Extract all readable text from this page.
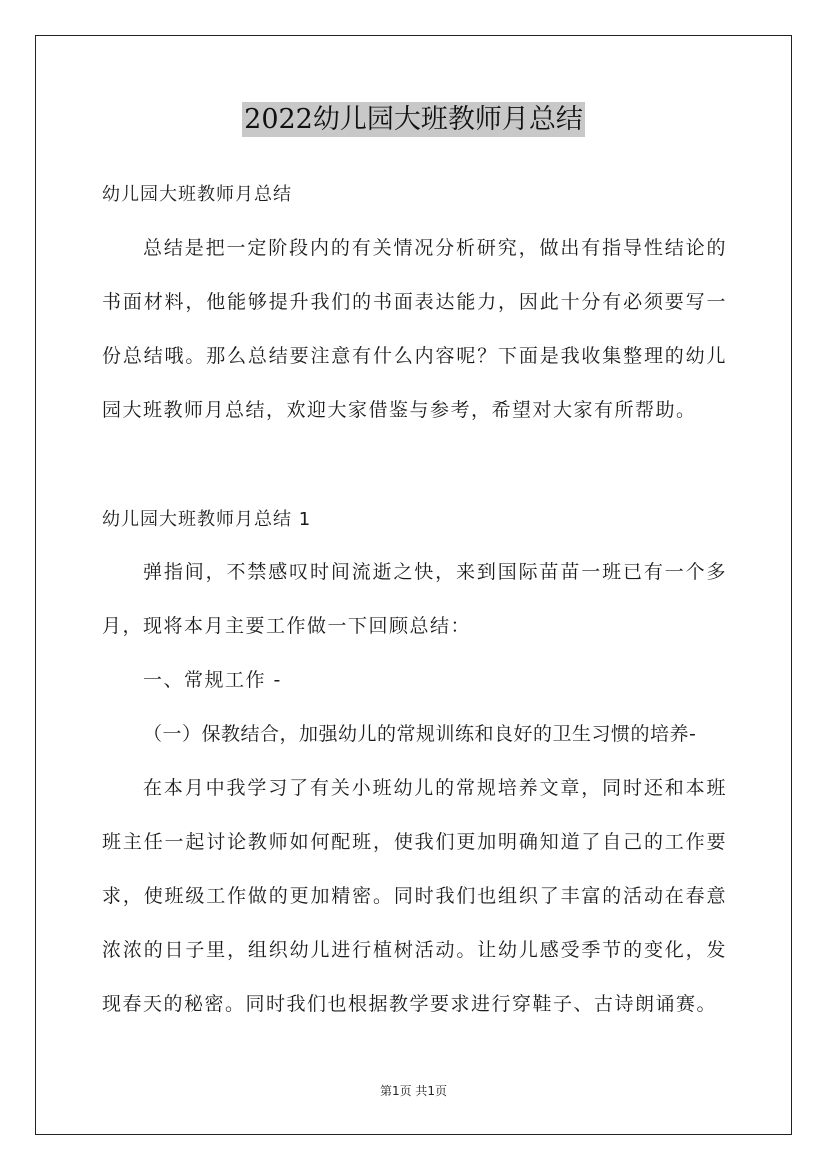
2022幼儿园大班教师月总结
幼儿园大班教师月总结
总结是把一定阶段内的有关情况分析研究，做出有指导性结论的
书面材料，他能够提升我们的书面表达能力，因此十分有必须要写一
份总结哦。那么总结要注意有什么内容呢？下面是我收集整理的幼儿
园大班教师月总结，欢迎大家借鉴与参考，希望对大家有所帮助。
幼儿园大班教师月总结 1
弹指间，不禁感叹时间流逝之快，来到国际苗苗一班已有一个多
月，现将本月主要工作做一下回顾总结：
一、常规工作 -
（一）保教结合，加强幼儿的常规训练和良好的卫生习惯的培养-
在本月中我学习了有关小班幼儿的常规培养文章，同时还和本班
班主任一起讨论教师如何配班，使我们更加明确知道了自己的工作要
求，使班级工作做的更加精密。同时我们也组织了丰富的活动在春意
浓浓的日子里，组织幼儿进行植树活动。让幼儿感受季节的变化，发
现春天的秘密。同时我们也根据教学要求进行穿鞋子、古诗朗诵赛。
第1页 共1页
